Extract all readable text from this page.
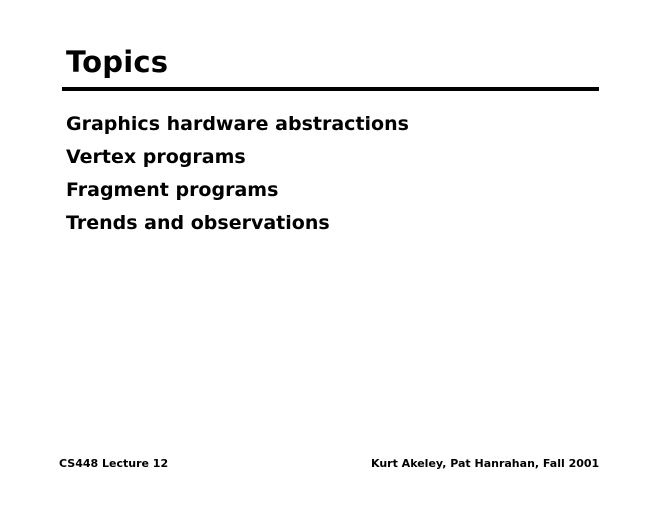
Topics
Graphics hardware abstractions
Vertex programs
Fragment programs
Trends and observations
CS448 Lecture 12	Kurt Akeley, Pat Hanrahan, Fall 2001
